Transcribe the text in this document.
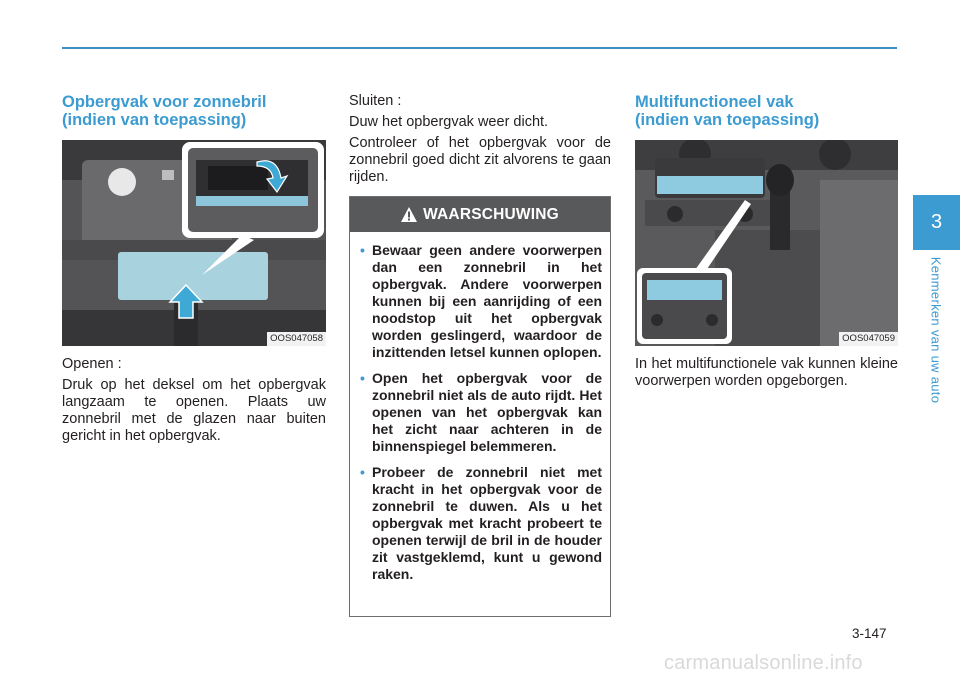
Opbergvak voor zonnebril
(indien van toepassing)
OOS047058

Openen :

Druk op het deksel om het opbergvak langzaam te openen. Plaats uw zonnebril met de glazen naar buiten gericht in het opbergvak.

Sluiten :

Duw het opbergvak weer dicht.

Controleer of het opbergvak voor de zonnebril goed dicht zit alvorens te gaan rijden.

WAARSCHUWING
• Bewaar geen andere voorwerpen dan een zonnebril in het opbergvak. Andere voorwerpen kunnen bij een aanrijding of een noodstop uit het opbergvak worden geslingerd, waardoor de inzittenden letsel kunnen oplopen.
• Open het opbergvak voor de zonnebril niet als de auto rijdt. Het openen van het opbergvak kan het zicht naar achteren in de binnenspiegel belemmeren.
• Probeer de zonnebril niet met kracht in het opbergvak voor de zonnebril te duwen. Als u het opbergvak met kracht probeert te openen terwijl de bril in de houder zit vastgeklemd, kunt u gewond raken.
Multifunctioneel vak
(indien van toepassing)
OOS047059

In het multifunctionele vak kunnen kleine voorwerpen worden opgeborgen.

3
Kenmerken van uw auto
3-147
carmanualsonline.info
